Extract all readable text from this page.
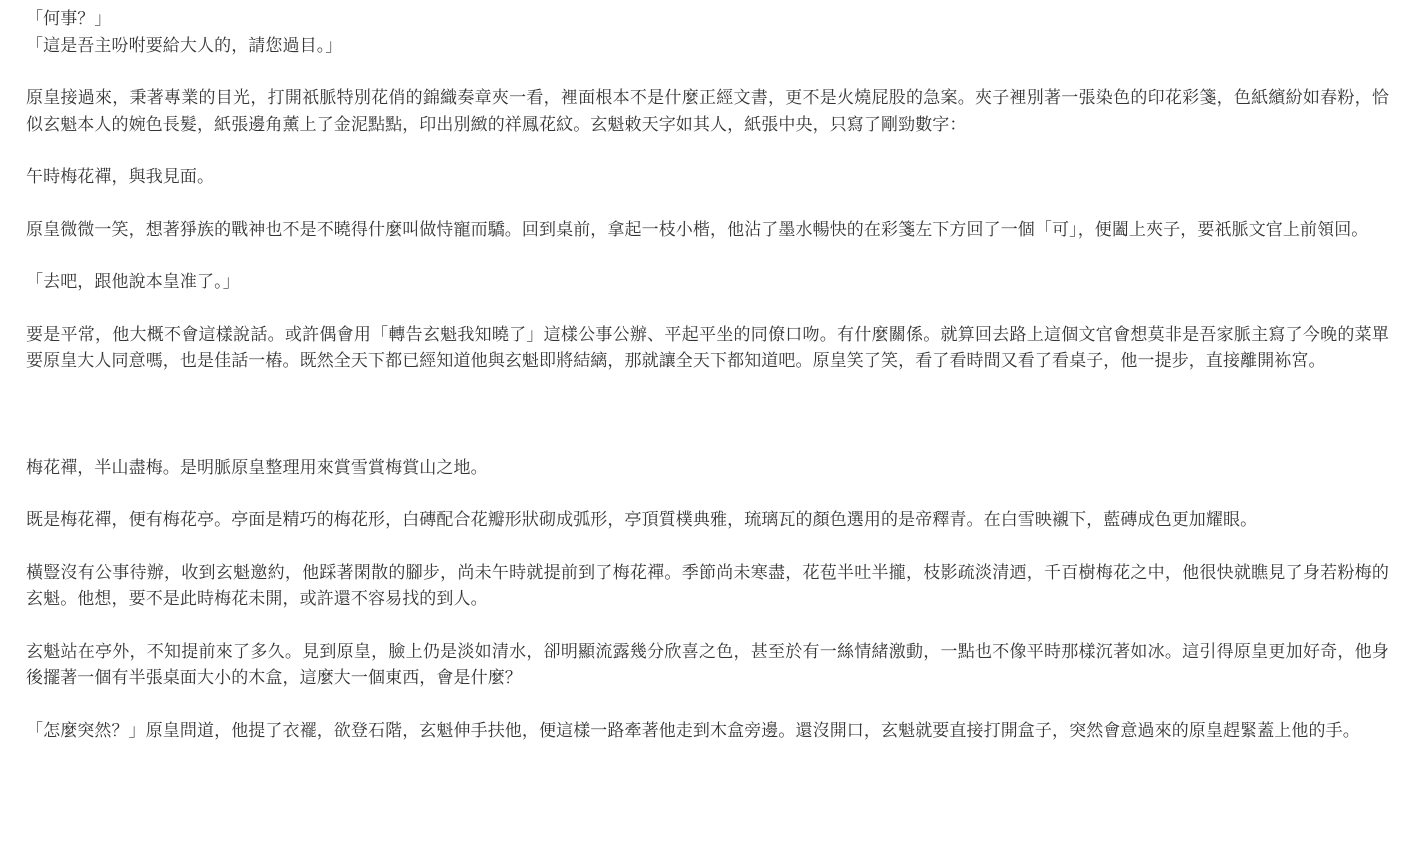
「何事？」

「這是吾主吩咐要給大人的，請您過目。」

原皇接過來，秉著專業的目光，打開祇脈特別花俏的錦織奏章夾一看，裡面根本不是什麼正經文書，更不是火燒屁股的急案。夾子裡別著一張染色的印花彩箋，色紙繽紛如春粉，恰似玄魁本人的婉色長髮，紙張邊角薰上了金泥點點，印出別緻的祥鳳花紋。玄魁敕天字如其人，紙張中央，只寫了剛勁數字：

午時梅花禪，與我見面。

原皇微微一笑，想著猙族的戰神也不是不曉得什麼叫做恃寵而驕。回到桌前，拿起一枝小楷，他沾了墨水暢快的在彩箋左下方回了一個「可」，便闔上夾子，要祇脈文官上前領回。

「去吧，跟他說本皇准了。」

要是平常，他大概不會這樣說話。或許偶會用「轉告玄魁我知曉了」這樣公事公辦、平起平坐的同僚口吻。有什麼關係。就算回去路上這個文官會想莫非是吾家脈主寫了今晚的菜單要原皇大人同意嗎，也是佳話一樁。既然全天下都已經知道他與玄魁即將結縭，那就讓全天下都知道吧。原皇笑了笑，看了看時間又看了看桌子，他一提步，直接離開袮宮。

梅花禪，半山盡梅。是明脈原皇整理用來賞雪賞梅賞山之地。

既是梅花禪，便有梅花亭。亭面是精巧的梅花形，白磚配合花瓣形狀砌成弧形，亭頂質樸典雅，琉璃瓦的顏色選用的是帝釋青。在白雪映襯下，藍磚成色更加耀眼。

橫豎沒有公事待辦，收到玄魁邀約，他踩著閑散的腳步，尚未午時就提前到了梅花禪。季節尚未寒盡，花苞半吐半攏，枝影疏淡清迺，千百樹梅花之中，他很快就瞧見了身若粉梅的玄魁。他想，要不是此時梅花未開，或許還不容易找的到人。

玄魁站在亭外，不知提前來了多久。見到原皇，臉上仍是淡如清水，卻明顯流露幾分欣喜之色，甚至於有一絲情緒激動，一點也不像平時那樣沉著如冰。這引得原皇更加好奇，他身後擺著一個有半張桌面大小的木盒，這麼大一個東西，會是什麼？

「怎麼突然？」原皇問道，他提了衣襬，欲登石階，玄魁伸手扶他，便這樣一路牽著他走到木盒旁邊。還沒開口，玄魁就要直接打開盒子，突然會意過來的原皇趕緊蓋上他的手。
